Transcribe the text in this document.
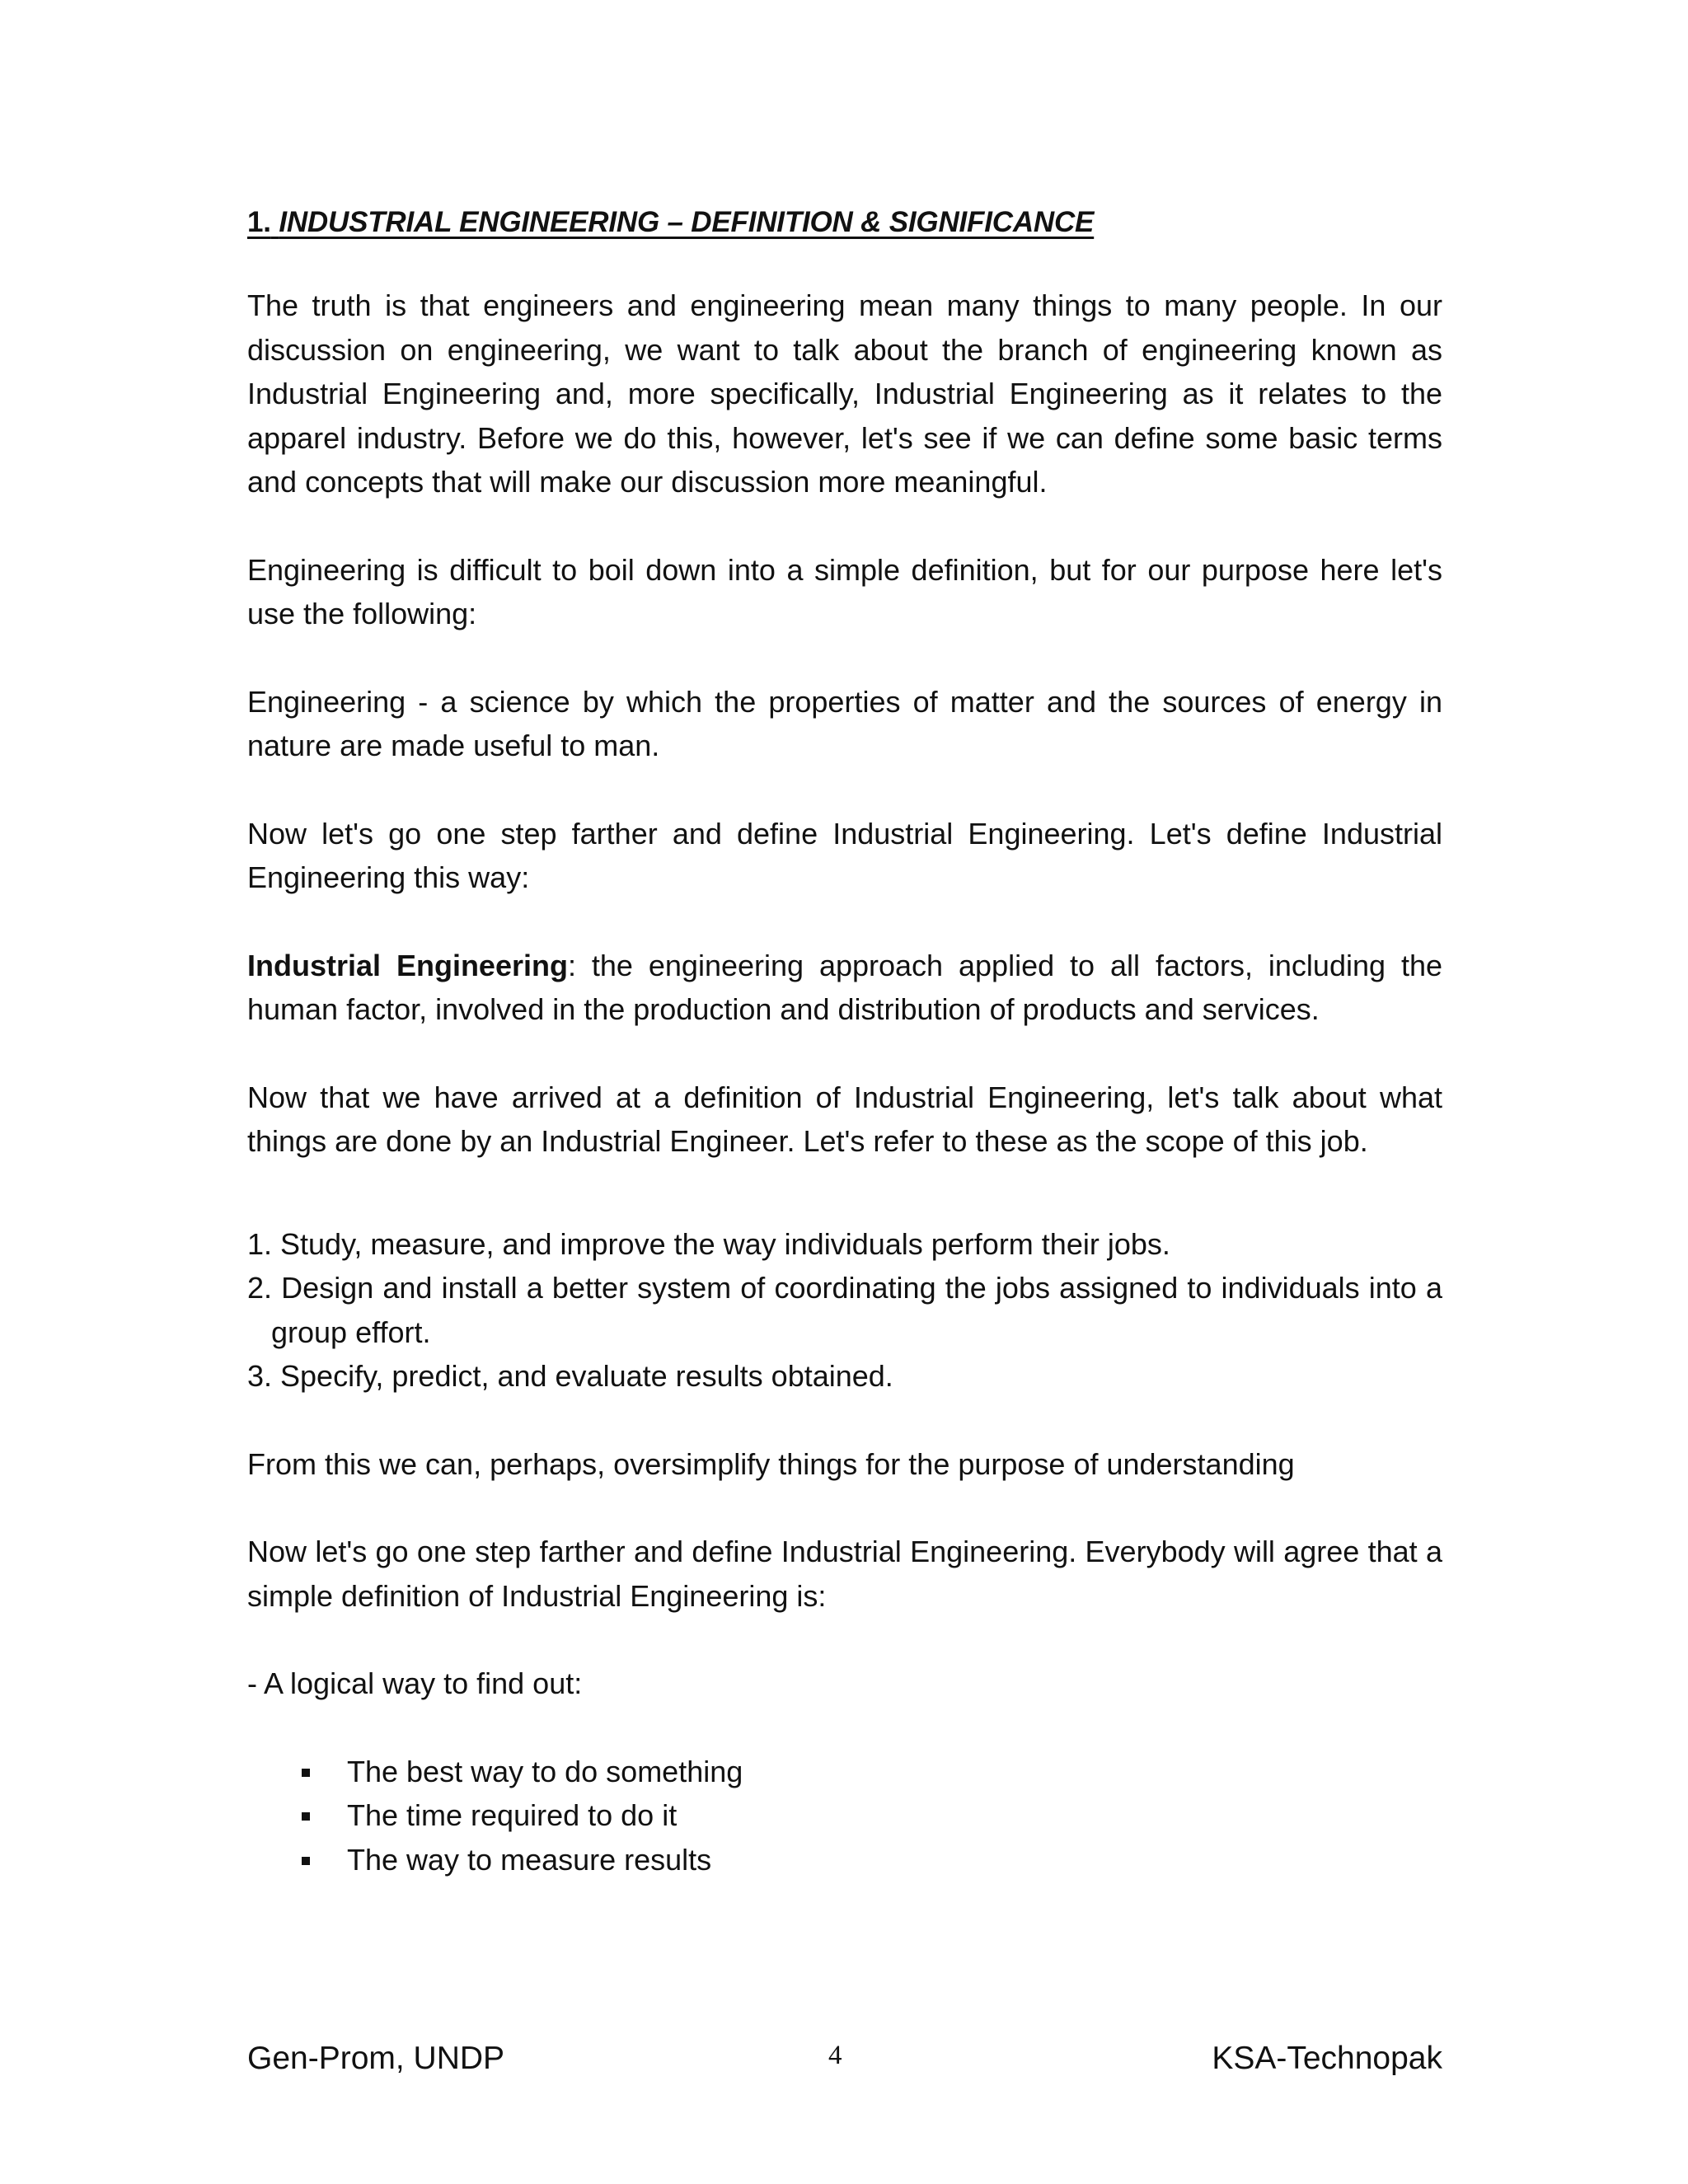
1. INDUSTRIAL ENGINEERING – DEFINITION & SIGNIFICANCE

The truth is that engineers and engineering mean many things to many people. In our discussion on engineering, we want to talk about the branch of engineering known as Industrial Engineering and, more specifically, Industrial Engineering as it relates to the apparel industry. Before we do this, however, let's see if we can define some basic terms and concepts that will make our discussion more meaningful.

Engineering is difficult to boil down into a simple definition, but for our purpose here let's use the following:

Engineering - a science by which the properties of matter and the sources of energy in nature are made useful to man.

Now let's go one step farther and define Industrial Engineering. Let's define Industrial Engineering this way:

Industrial Engineering: the engineering approach applied to all factors, including the human factor, involved in the production and distribution of products and services.

Now that we have arrived at a definition of Industrial Engineering, let's talk about what things are done by an Industrial Engineer. Let's refer to these as the scope of this job.

1. Study, measure, and improve the way individuals perform their jobs.
2. Design and install a better system of coordinating the jobs assigned to individuals into a group effort.
3. Specify, predict, and evaluate results obtained.

From this we can, perhaps, oversimplify things for the purpose of understanding

Now let's go one step farther and define Industrial Engineering. Everybody will agree that a simple definition of Industrial Engineering is:

- A logical way to find out:
The best way to do something
The time required to do it
The way to measure results
Gen-Prom, UNDP	4	KSA-Technopak
